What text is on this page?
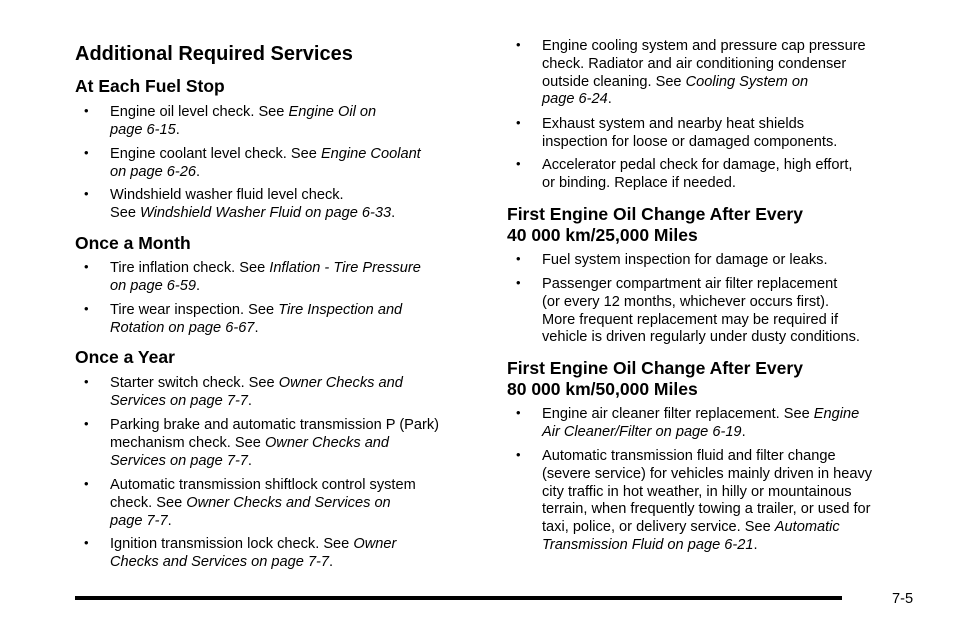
Additional Required Services
At Each Fuel Stop
• Engine oil level check. See Engine Oil on
page 6-15.
• Engine coolant level check. See Engine Coolant
on page 6-26.
• Windshield washer fluid level check.
See Windshield Washer Fluid on page 6-33.
Once a Month
• Tire inflation check. See Inflation - Tire Pressure
on page 6-59.
• Tire wear inspection. See Tire Inspection and
Rotation on page 6-67.
Once a Year
• Starter switch check. See Owner Checks and
Services on page 7-7.
• Parking brake and automatic transmission P (Park)
mechanism check. See Owner Checks and
Services on page 7-7.
• Automatic transmission shiftlock control system
check. See Owner Checks and Services on
page 7-7.
• Ignition transmission lock check. See Owner
Checks and Services on page 7-7.
• Engine cooling system and pressure cap pressure
check. Radiator and air conditioning condenser
outside cleaning. See Cooling System on
page 6-24.
• Exhaust system and nearby heat shields
inspection for loose or damaged components.
• Accelerator pedal check for damage, high effort,
or binding. Replace if needed.
First Engine Oil Change After Every
40 000 km/25,000 Miles
• Fuel system inspection for damage or leaks.
• Passenger compartment air filter replacement
(or every 12 months, whichever occurs first).
More frequent replacement may be required if
vehicle is driven regularly under dusty conditions.
First Engine Oil Change After Every
80 000 km/50,000 Miles
• Engine air cleaner filter replacement. See Engine
Air Cleaner/Filter on page 6-19.
• Automatic transmission fluid and filter change
(severe service) for vehicles mainly driven in heavy
city traffic in hot weather, in hilly or mountainous
terrain, when frequently towing a trailer, or used for
taxi, police, or delivery service. See Automatic
Transmission Fluid on page 6-21.
7-5
